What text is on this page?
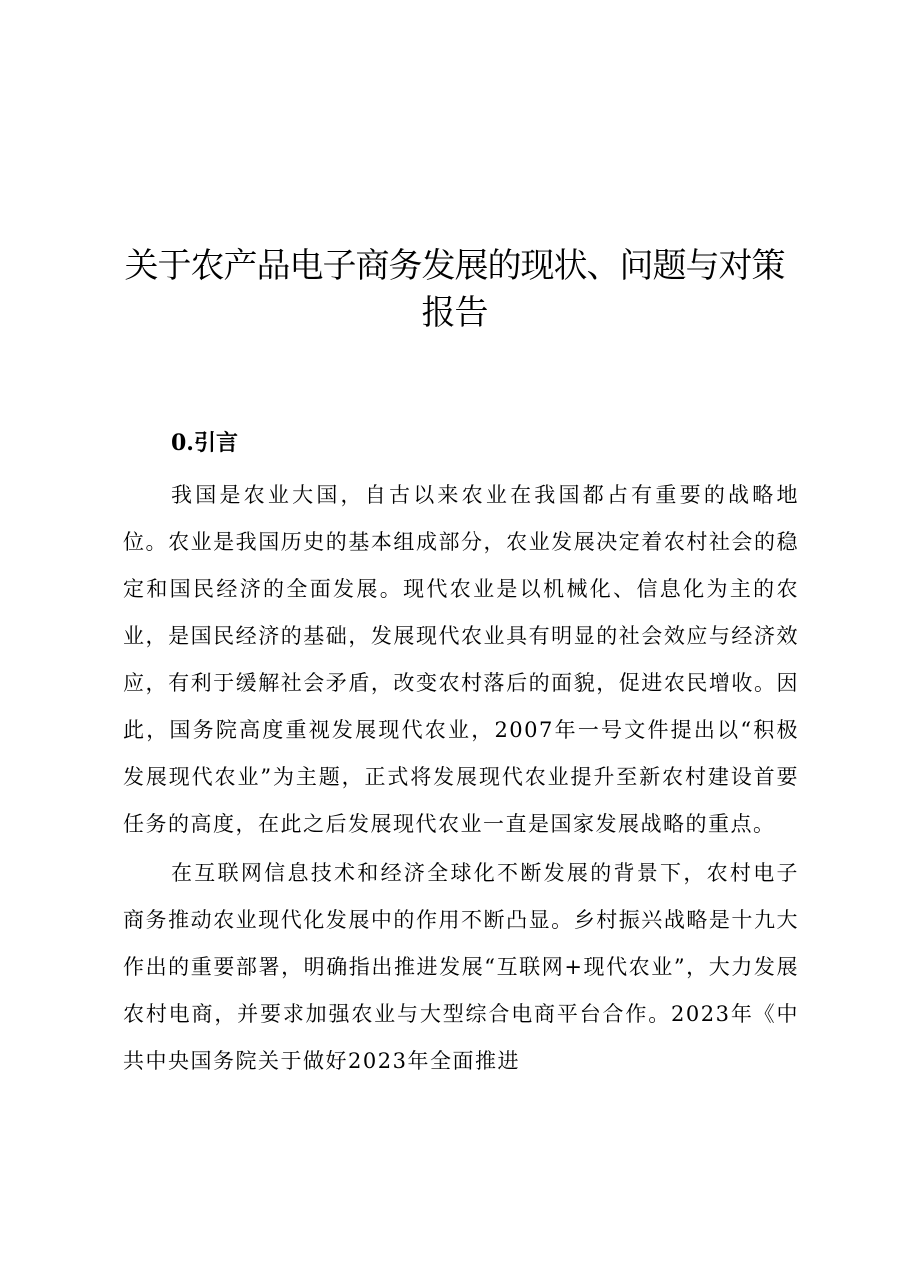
关于农产品电子商务发展的现状、问题与对策
报告
0.引言

我国是农业大国，自古以来农业在我国都占有重要的战略地位。农业是我国历史的基本组成部分，农业发展决定着农村社会的稳定和国民经济的全面发展。现代农业是以机械化、信息化为主的农业，是国民经济的基础，发展现代农业具有明显的社会效应与经济效应，有利于缓解社会矛盾，改变农村落后的面貌，促进农民增收。因此，国务院高度重视发展现代农业，2007年一号文件提出以“积极发展现代农业”为主题，正式将发展现代农业提升至新农村建设首要任务的高度，在此之后发展现代农业一直是国家发展战略的重点。

在互联网信息技术和经济全球化不断发展的背景下，农村电子商务推动农业现代化发展中的作用不断凸显。乡村振兴战略是十九大作出的重要部署，明确指出推进发展“互联网+现代农业”，大力发展农村电商，并要求加强农业与大型综合电商平台合作。2023年《中共中央国务院关于做好2023年全面推进
